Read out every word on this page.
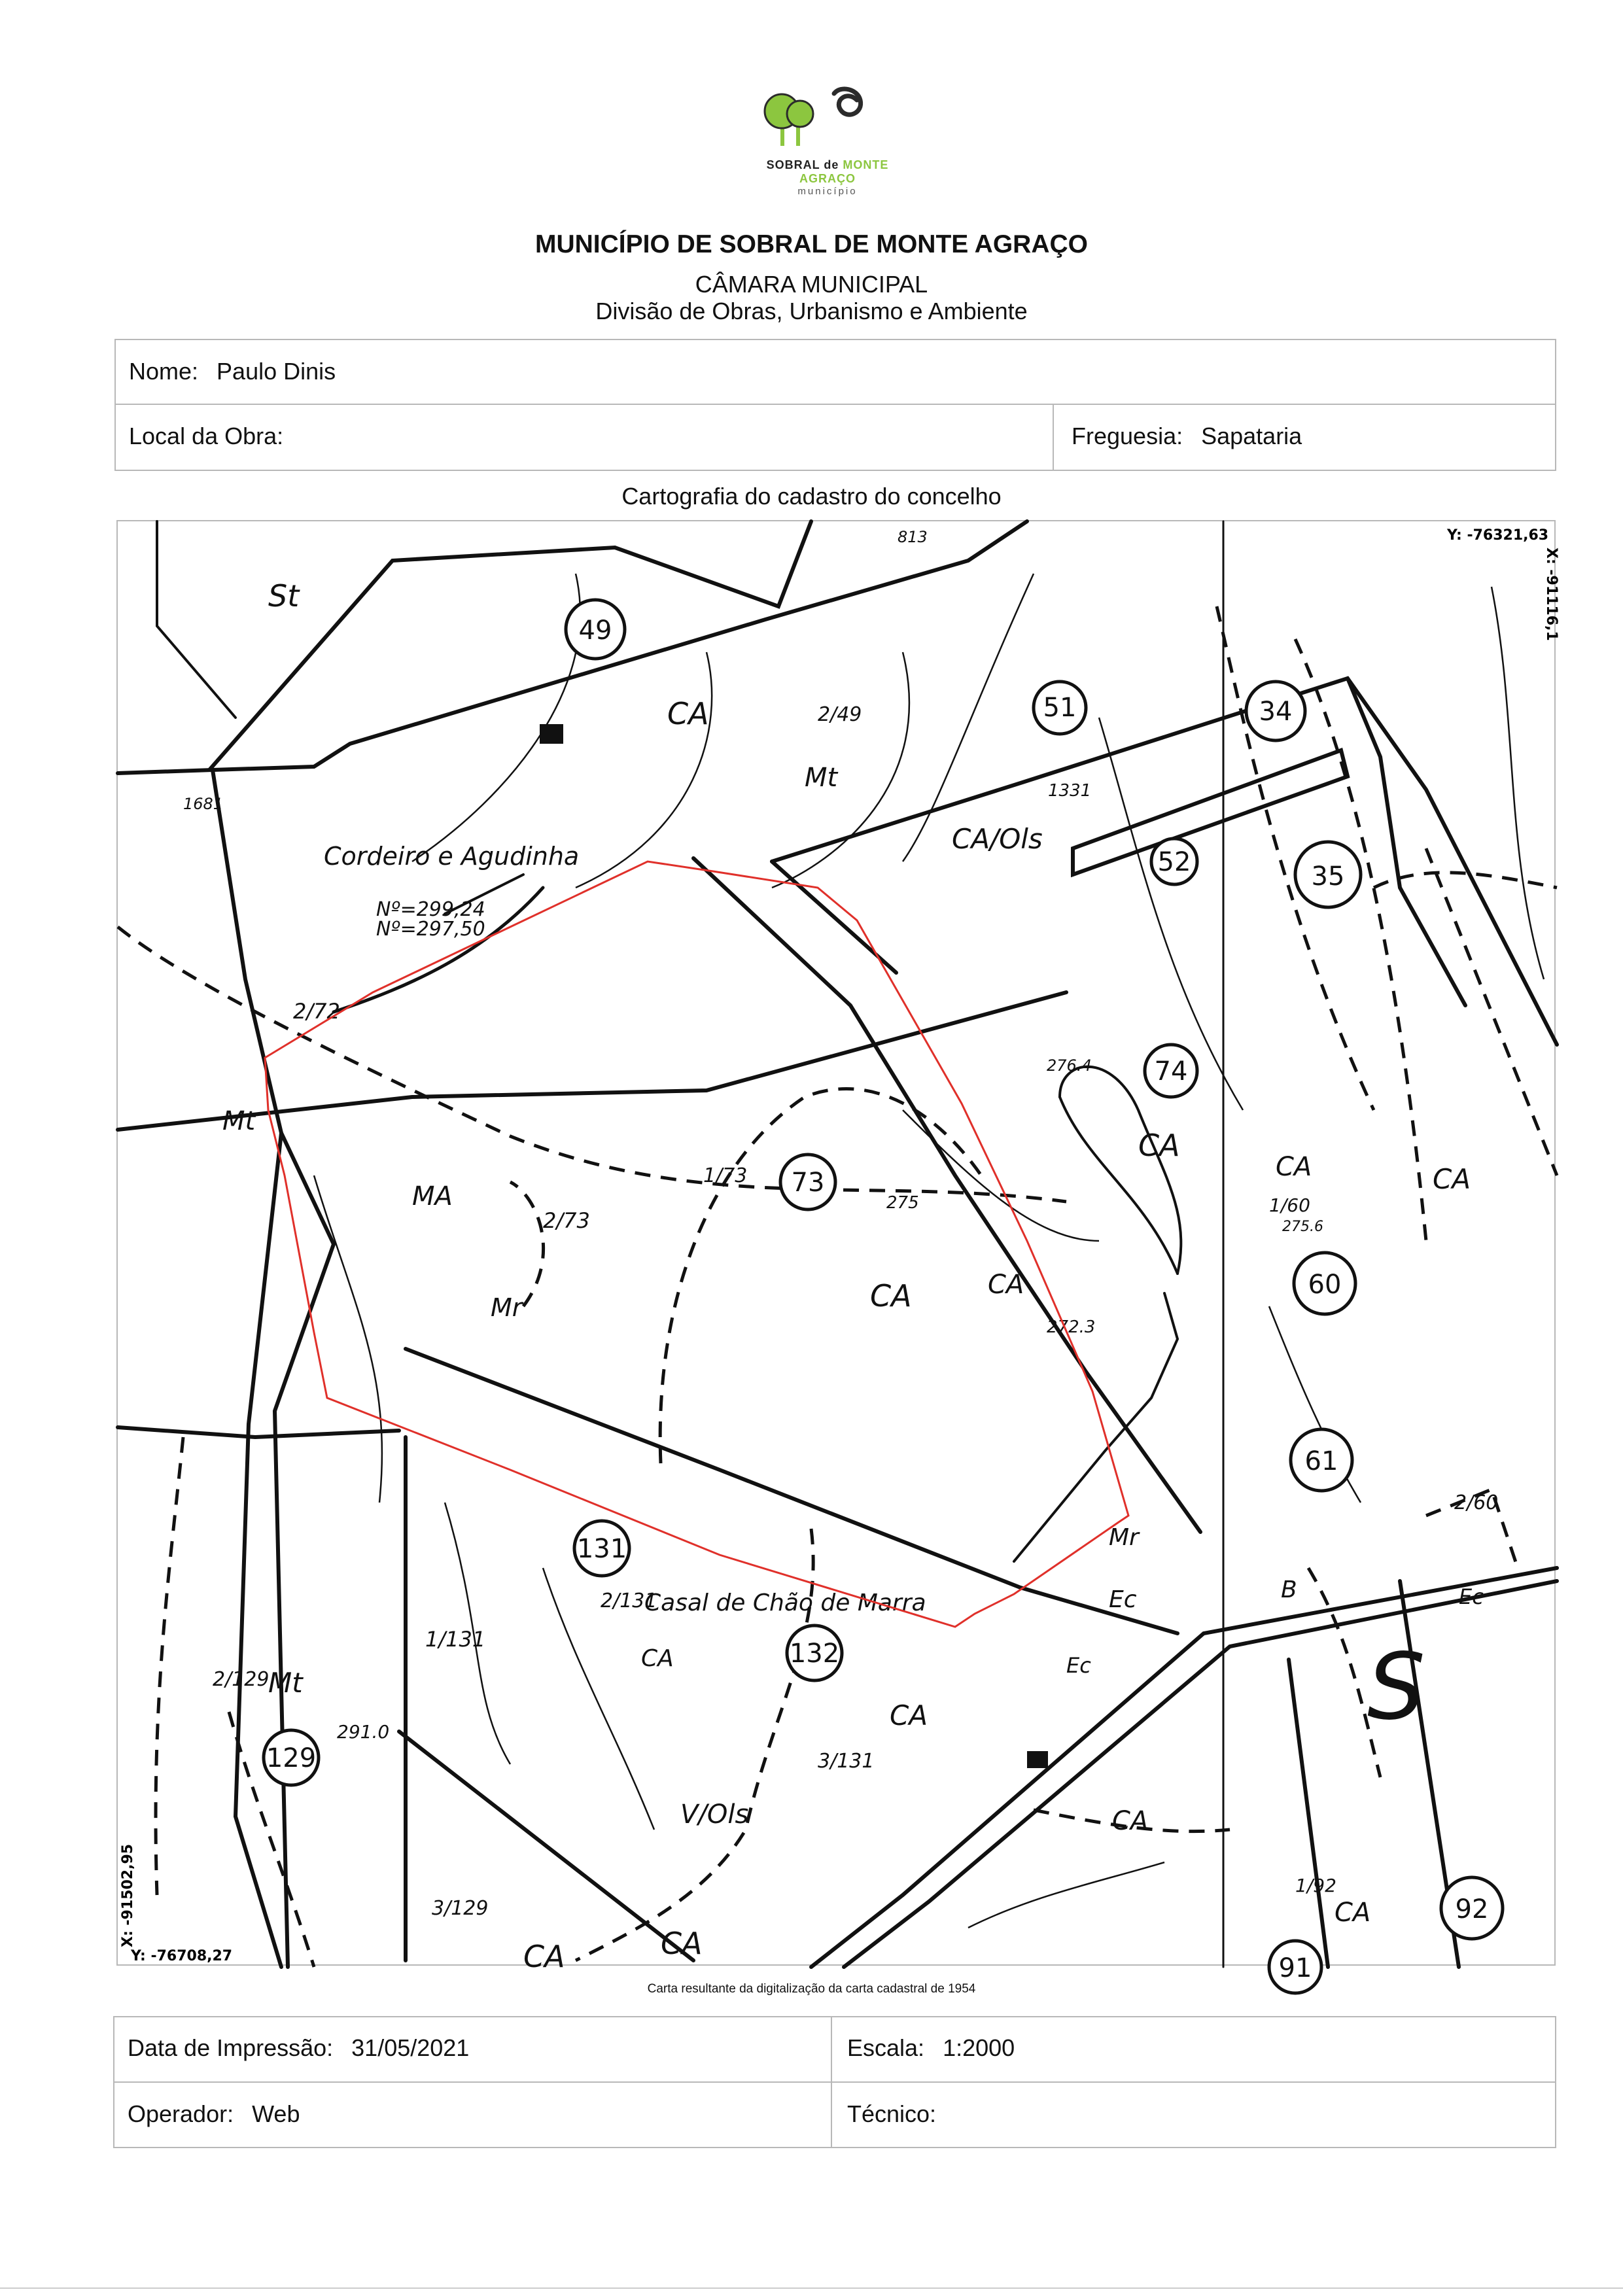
SOBRAL de MONTE AGRAÇO
município
MUNICÍPIO DE SOBRAL DE MONTE AGRAÇO
CÂMARA MUNICIPAL
Divisão de Obras, Urbanismo e Ambiente
Nome: Paulo Dinis
Local da Obra:	Freguesia: Sapataria
Cartografia do cadastro do concelho
49
51	34
35
52
74
73
60
61
131
132
129
92
91
St
CA
CA/Ols
Mt
CA
CA
CA
CA
CA
CA
CA
CA
Mt
Mr
MA
Ec	Ec
Ec
B
S
V/Ols
CA
CA	CA
Mr
Mt
2/49
2/72
1/73
2/73
1/60
2/60
2/131
3/131
1/131
2/129
3/129
1/92
Cordeiro e Agudinha
Casal de Chão de Marra
Nº=299,24
Nº=297,50
276.4
275
272.3
275.6
291.0
1681
813
1331
Y: -76321,63
X: -91116,1
X: -91502,95
Y: -76708,27
Carta resultante da digitalização da carta cadastral de 1954
Data de Impressão: 31/05/2021	Escala: 1:2000
Operador: Web	Técnico:
